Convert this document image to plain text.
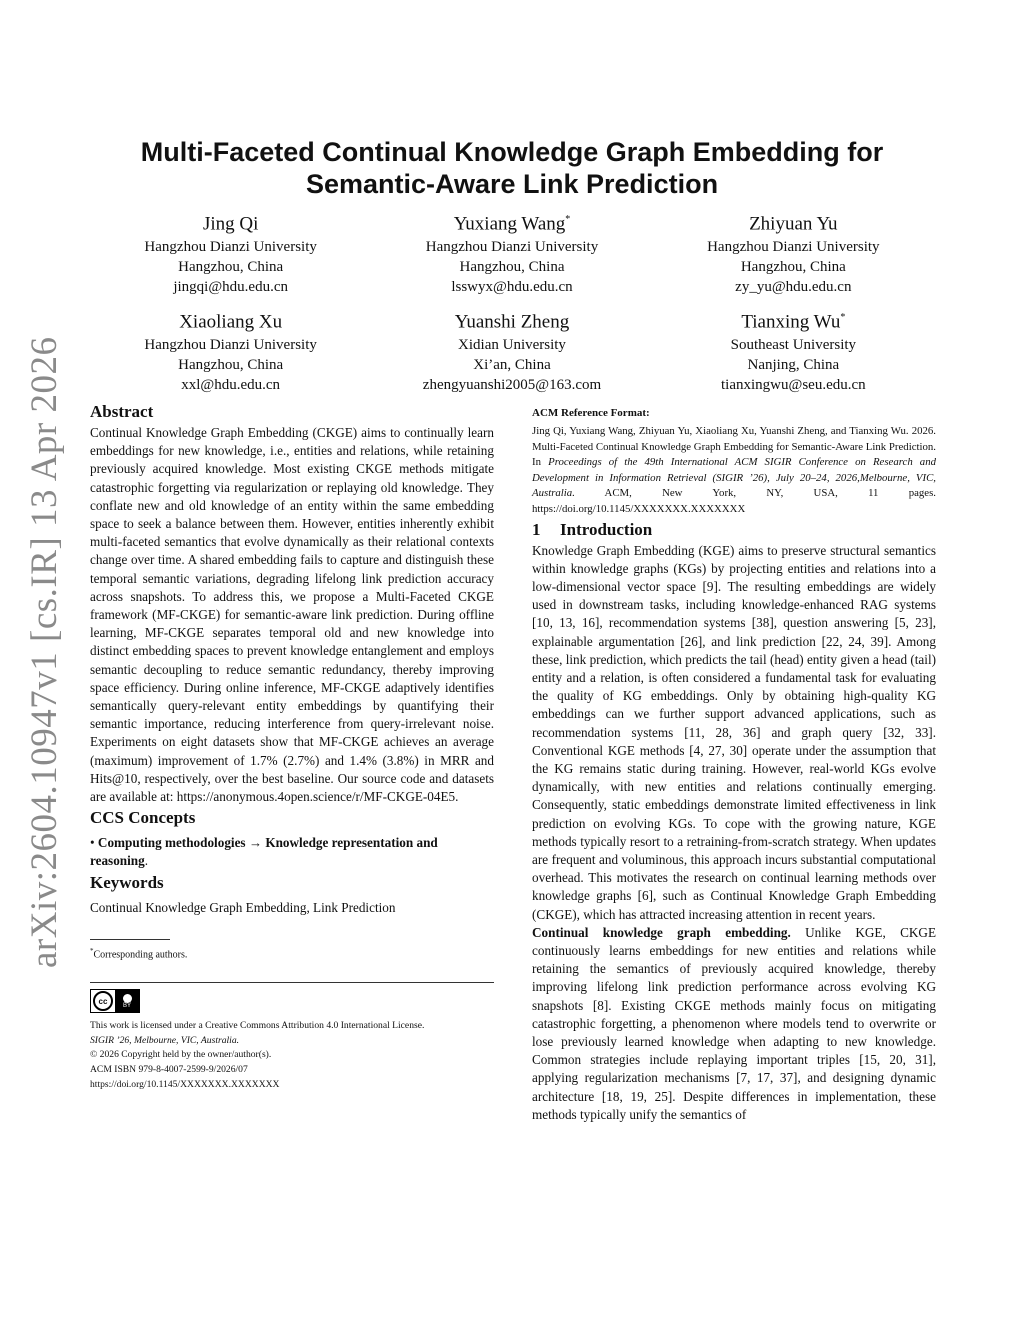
arXiv:2604.10947v1 [cs.IR] 13 Apr 2026
Multi-Faceted Continual Knowledge Graph Embedding for
Semantic-Aware Link Prediction
Jing Qi
Hangzhou Dianzi University
Hangzhou, China
jingqi@hdu.edu.cn
Yuxiang Wang*
Hangzhou Dianzi University
Hangzhou, China
lsswyx@hdu.edu.cn
Zhiyuan Yu
Hangzhou Dianzi University
Hangzhou, China
zy_yu@hdu.edu.cn
Xiaoliang Xu
Hangzhou Dianzi University
Hangzhou, China
xxl@hdu.edu.cn
Yuanshi Zheng
Xidian University
Xi’an, China
zhengyuanshi2005@163.com
Tianxing Wu*
Southeast University
Nanjing, China
tianxingwu@seu.edu.cn
Abstract

Continual Knowledge Graph Embedding (CKGE) aims to continually learn embeddings for new knowledge, i.e., entities and relations, while retaining previously acquired knowledge. Most existing CKGE methods mitigate catastrophic forgetting via regularization or replaying old knowledge. They conflate new and old knowledge of an entity within the same embedding space to seek a balance between them. However, entities inherently exhibit multi-faceted semantics that evolve dynamically as their relational contexts change over time. A shared embedding fails to capture and distinguish these temporal semantic variations, degrading lifelong link prediction accuracy across snapshots. To address this, we propose a Multi-Faceted CKGE framework (MF-CKGE) for semantic-aware link prediction. During offline learning, MF-CKGE separates temporal old and new knowledge into distinct embedding spaces to prevent knowledge entanglement and employs semantic decoupling to reduce semantic redundancy, thereby improving space efficiency. During online inference, MF-CKGE adaptively identifies semantically query-relevant entity embeddings by quantifying their semantic importance, reducing interference from query-irrelevant noise. Experiments on eight datasets show that MF-CKGE achieves an average (maximum) improvement of 1.7% (2.7%) and 1.4% (3.8%) in MRR and Hits@10, respectively, over the best baseline. Our source code and datasets are available at: https://anonymous.4open.science/r/MF-CKGE-04E5.

CCS Concepts
• Computing methodologies → Knowledge representation and reasoning.
Keywords
Continual Knowledge Graph Embedding, Link Prediction
*Corresponding authors.
cc	BY
This work is licensed under a Creative Commons Attribution 4.0 International License.
SIGIR ’26, Melbourne, VIC, Australia.
© 2026 Copyright held by the owner/author(s).
ACM ISBN 979-8-4007-2599-9/2026/07
https://doi.org/10.1145/XXXXXXX.XXXXXXX
ACM Reference Format:
Jing Qi, Yuxiang Wang, Zhiyuan Yu, Xiaoliang Xu, Yuanshi Zheng, and Tianxing Wu. 2026. Multi-Faceted Continual Knowledge Graph Embedding for Semantic-Aware Link Prediction. In Proceedings of the 49th International ACM SIGIR Conference on Research and Development in Information Retrieval (SIGIR ’26), July 20–24, 2026,Melbourne, VIC, Australia. ACM, New York, NY, USA, 11 pages. https://doi.org/10.1145/XXXXXXX.XXXXXXX
1 Introduction

Knowledge Graph Embedding (KGE) aims to preserve structural semantics within knowledge graphs (KGs) by projecting entities and relations into a low-dimensional vector space [9]. The resulting embeddings are widely used in downstream tasks, including knowledge-enhanced RAG systems [10, 13, 16], recommendation systems [38], question answering [5, 23], explainable argumentation [26], and link prediction [22, 24, 39]. Among these, link prediction, which predicts the tail (head) entity given a head (tail) entity and a relation, is often considered a fundamental task for evaluating the quality of KG embeddings. Only by obtaining high-quality KG embeddings can we further support advanced applications, such as recommendation systems [11, 28, 36] and graph query [32, 33]. Conventional KGE methods [4, 27, 30] operate under the assumption that the KG remains static during training. However, real-world KGs evolve dynamically, with new entities and relations continually emerging. Consequently, static embeddings demonstrate limited effectiveness in link prediction on evolving KGs. To cope with the growing nature, KGE methods typically resort to a retraining-from-scratch strategy. When updates are frequent and voluminous, this approach incurs substantial computational overhead. This motivates the research on continual learning methods over knowledge graphs [6], such as Continual Knowledge Graph Embedding (CKGE), which has attracted increasing attention in recent years.

Continual knowledge graph embedding. Unlike KGE, CKGE continuously learns embeddings for new entities and relations while retaining the semantics of previously acquired knowledge, thereby improving lifelong link prediction performance across evolving KG snapshots [8]. Existing CKGE methods mainly focus on mitigating catastrophic forgetting, a phenomenon where models tend to overwrite or lose previously learned knowledge when adapting to new knowledge. Common strategies include replaying important triples [15, 20, 31], applying regularization mechanisms [7, 17, 37], and designing dynamic architecture [18, 19, 25]. Despite differences in implementation, these methods typically unify the semantics of
